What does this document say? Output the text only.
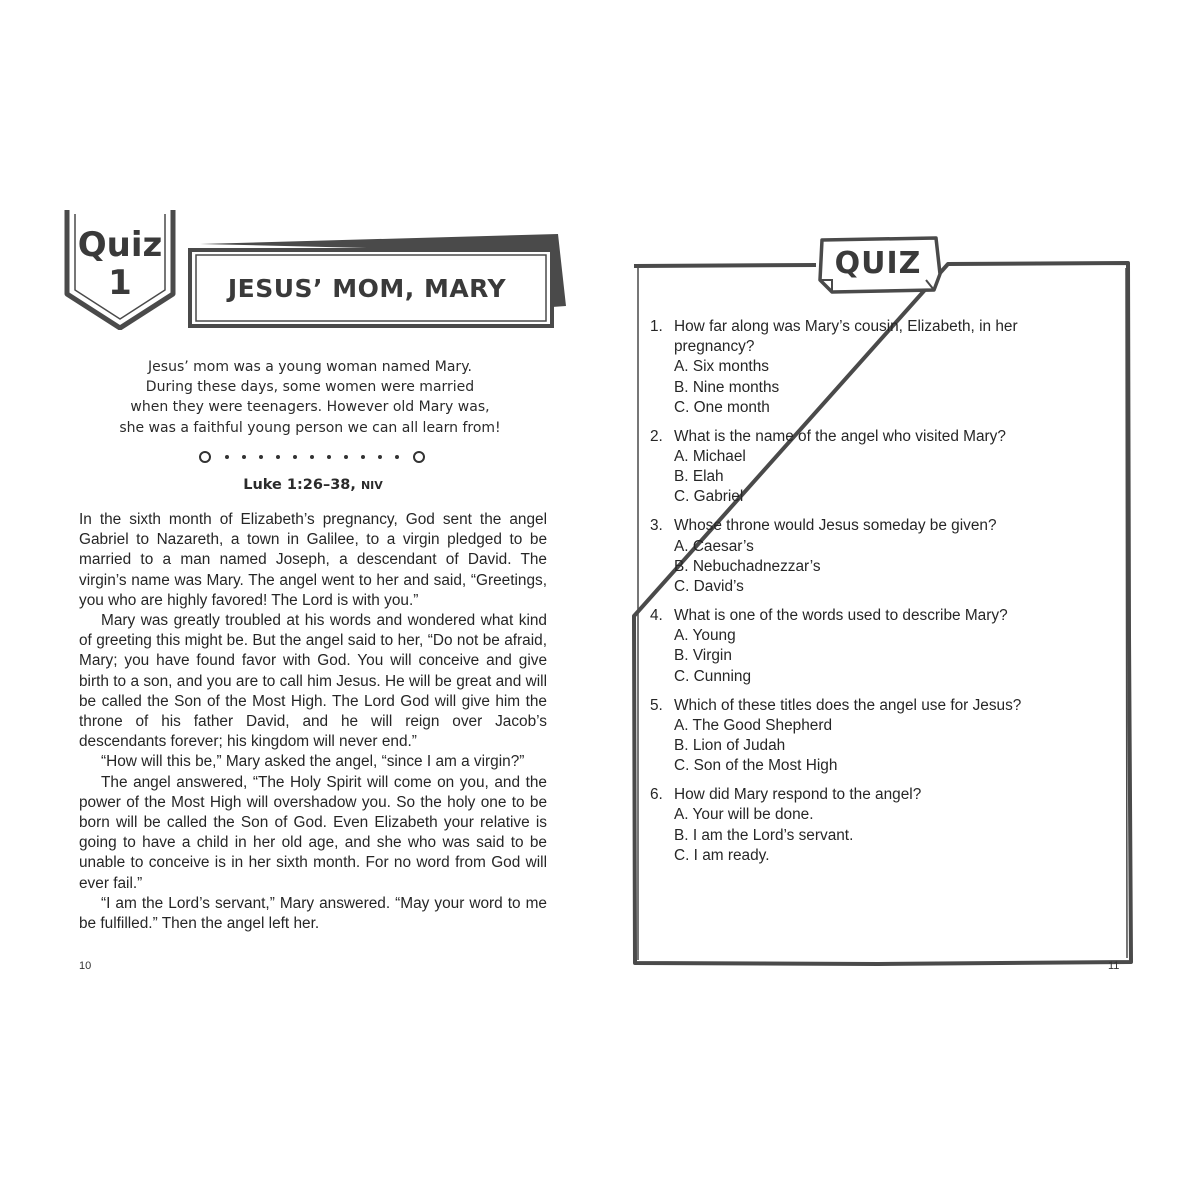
Quiz
1	JESUS’ MOM, MARY
Jesus’ mom was a young woman named Mary.
During these days, some women were married
when they were teenagers. However old Mary was,
she was a faithful young person we can all learn from!
Luke 1:26–38, NIV

In the sixth month of Elizabeth’s pregnancy, God sent the angel Gabriel to Nazareth, a town in Galilee, to a virgin pledged to be married to a man named Joseph, a descendant of David. The virgin’s name was Mary. The angel went to her and said, “Greetings, you who are highly favored! The Lord is with you.”

Mary was greatly troubled at his words and wondered what kind of greeting this might be. But the angel said to her, “Do not be afraid, Mary; you have found favor with God. You will conceive and give birth to a son, and you are to call him Jesus. He will be great and will be called the Son of the Most High. The Lord God will give him the throne of his father David, and he will reign over Jacob’s descendants forever; his kingdom will never end.”

“How will this be,” Mary asked the angel, “since I am a virgin?”

The angel answered, “The Holy Spirit will come on you, and the power of the Most High will overshadow you. So the holy one to be born will be called the Son of God. Even Elizabeth your relative is going to have a child in her old age, and she who was said to be unable to conceive is in her sixth month. For no word from God will ever fail.”

“I am the Lord’s servant,” Mary answered. “May your word to me be fulfilled.” Then the angel left her.

10
QUIZ
1. How far along was Mary’s cousin, Elizabeth, in her
pregnancy?
A. Six months
B. Nine months
C. One month
2. What is the name of the angel who visited Mary?
A. Michael
B. Elah
C. Gabriel
3. Whose throne would Jesus someday be given?
A. Caesar’s
B. Nebuchadnezzar’s
C. David’s
4. What is one of the words used to describe Mary?
A. Young
B. Virgin
C. Cunning
5. Which of these titles does the angel use for Jesus?
A. The Good Shepherd
B. Lion of Judah
C. Son of the Most High
6. How did Mary respond to the angel?
A. Your will be done.
B. I am the Lord’s servant.
C. I am ready.
11
